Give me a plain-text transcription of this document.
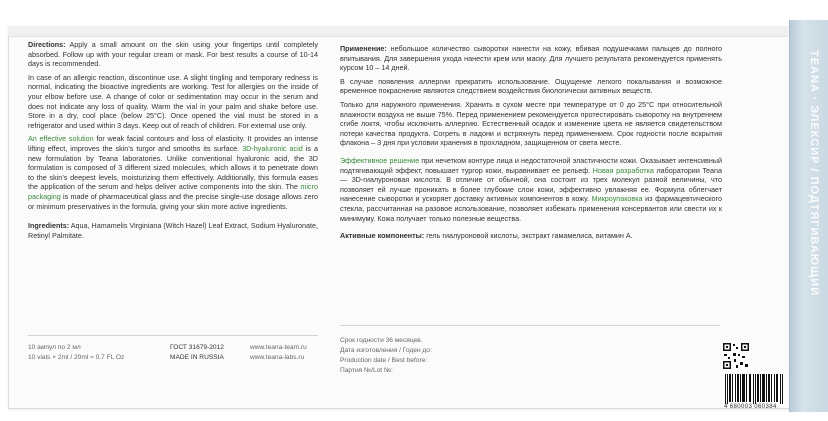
TEANA · ЭЛЕКСИР / ПОДТЯГИВАЮЩИЙ

Directions: Apply a small amount on the skin using your fingertips until completely absorbed. Follow up with your regular cream or mask. For best results a course of 10-14 days is recommended.

In case of an allergic reaction, discontinue use. A slight tingling and temporary redness is normal, indicating the bioactive ingredients are working. Test for allergies on the inside of your elbow before use. A change of color or sedimentation may occur in the serum and does not indicate any loss of quality. Warm the vial in your palm and shake before use. Store in a dry, cool place (below 25°C). Once opened the vial must be stored in a refrigerator and used within 3 days. Keep out of reach of children. For external use only.

An effective solution for weak facial contours and loss of elasticity. It provides an intense lifting effect, improves the skin’s turgor and smooths its surface. 3D-hyaluronic acid is a new formulation by Teana laboratories. Unlike conventional hyaluronic acid, the 3D formulation is composed of 3 different sized molecules, which allows it to penetrate down to the skin’s deepest levels, moisturizing them effectively. Additionally, this formula eases the application of the serum and helps deliver active components into the skin. The micro packaging is made of pharmaceutical glass and the precise single-use dosage allows zero or minimum preservatives in the formula, giving your skin more active ingredients.

Ingredients: Aqua, Hamamelis Virginiana (Witch Hazel) Leaf Extract, Sodium Hyaluronate, Retinyl Palmitate.

10 ампул по 2 мл
10 vials × 2ml / 20ml ≈ 0.7 FL Oz
ГОСТ 31679-2012
MADE IN RUSSIA
www.teana-team.ru
www.teana-labs.ru

Применение: небольшое количество сыворотки нанести на кожу, вбивая подушечками пальцев до полного впитывания. Для завершения ухода нанести крем или маску. Для лучшего результата рекомендуется применять курсом 10 – 14 дней.

В случае появления аллергии прекратить использование. Ощущение легкого покалывания и возможное временное покраснение являются следствием воздействия биологически активных веществ.

Только для наружного применения. Хранить в сухом месте при температуре от 0 до 25°C при относительной влажности воздуха не выше 75%. Перед применением рекомендуется протестировать сыворотку на внутреннем сгибе локтя, чтобы исключить аллергию. Естественный осадок и изменение цвета не является свидетельством потери качества продукта. Согреть в ладони и встряхнуть перед применением. Срок годности после вскрытия флакона – 3 дня при условии хранения в прохладном, защищенном от света месте.

Эффективное решение при нечетком контуре лица и недостаточной эластичности кожи. Оказывает интенсивный подтягивающий эффект, повышает тургор кожи, выравнивает ее рельеф. Новая разработка лаборатории Teana — 3D-гиалуроновая кислота. В отличие от обычной, она состоит из трех молекул разной величины, что позволяет ей лучше проникать в более глубокие слои кожи, эффективно увлажняя ее. Формула облегчает нанесение сыворотки и ускоряет доставку активных компонентов в кожу. Микроупаковка из фармацевтического стекла, рассчитанная на разовое использование, позволяет избежать применения консервантов или свести их к минимуму. Кожа получает только полезные вещества.

Активные компоненты: гель гиалуроновой кислоты, экстракт гамамелиса, витамин А.

Срок годности 36 месяцев.
Дата изготовления / Годен до:
Production date / Best before:
Партия №/Lot №:
4 680003 060384
